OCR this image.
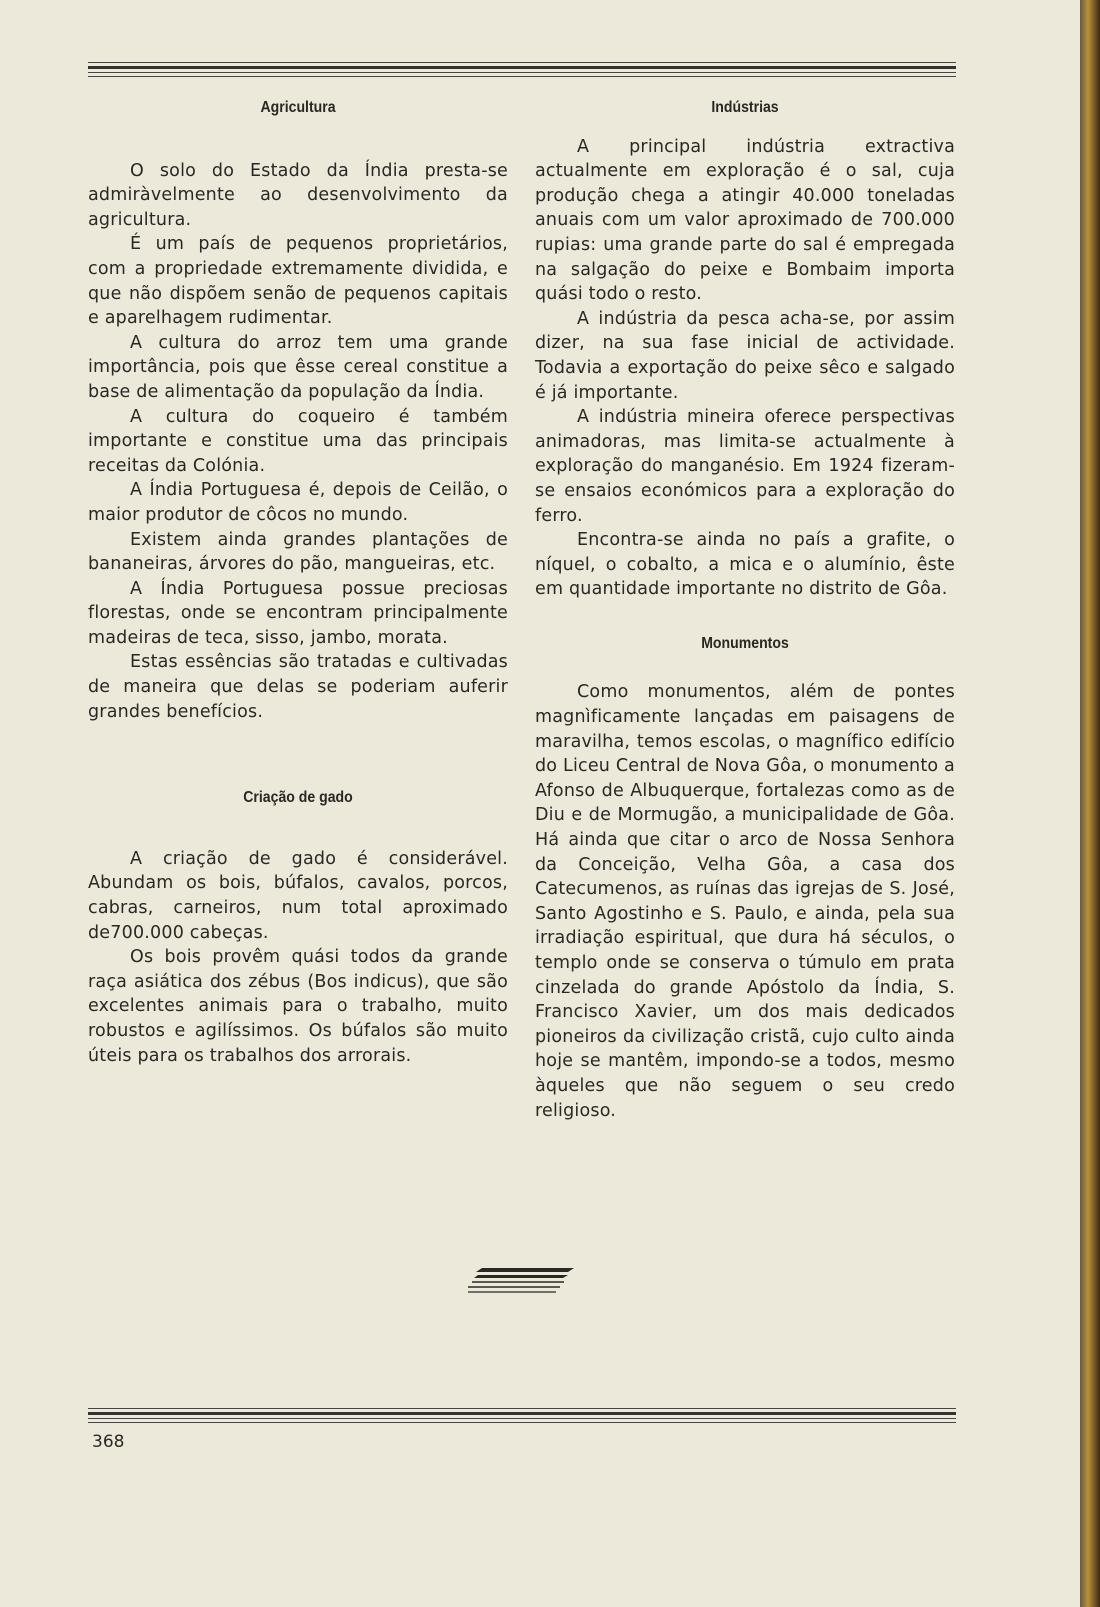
Agricultura

O solo do Estado da Índia presta-se admiràvelmente ao desenvolvimento da agricultura.

É um país de pequenos proprietários, com a propriedade extremamente dividida, e que não dispõem senão de pequenos capitais e aparelhagem rudimentar.

A cultura do arroz tem uma grande importância, pois que êsse cereal constitue a base de alimentação da população da Índia.

A cultura do coqueiro é também importante e constitue uma das principais receitas da Colónia.

A Índia Portuguesa é, depois de Ceilão, o maior produtor de côcos no mundo.

Existem ainda grandes plantações de bananeiras, árvores do pão, mangueiras, etc.

A Índia Portuguesa possue preciosas florestas, onde se encontram principalmente madeiras de teca, sisso, jambo, morata.

Estas essências são tratadas e cultivadas de maneira que delas se poderiam auferir grandes benefícios.

Criação de gado

A criação de gado é considerável. Abundam os bois, búfalos, cavalos, porcos, cabras, carneiros, num total aproximado de700.000 cabeças.

Os bois provêm quási todos da grande raça asiática dos zébus (Bos indicus), que são excelentes animais para o trabalho, muito robustos e agilíssimos. Os búfalos são muito úteis para os trabalhos dos arrorais.

Indústrias

A principal indústria extractiva actualmente em exploração é o sal, cuja produção chega a atingir 40.000 toneladas anuais com um valor aproximado de 700.000 rupias: uma grande parte do sal é empregada na salgação do peixe e Bombaim importa quási todo o resto.

A indústria da pesca acha-se, por assim dizer, na sua fase inicial de actividade. Todavia a exportação do peixe sêco e salgado é já importante.

A indústria mineira oferece perspectivas animadoras, mas limita-se actualmente à exploração do manganésio. Em 1924 fizeram-se ensaios económicos para a exploração do ferro.

Encontra-se ainda no país a grafite, o níquel, o cobalto, a mica e o alumínio, êste em quantidade importante no distrito de Gôa.

Monumentos

Como monumentos, além de pontes magnìficamente lançadas em paisagens de maravilha, temos escolas, o magnífico edifício do Liceu Central de Nova Gôa, o monumento a Afonso de Albuquerque, fortalezas como as de Diu e de Mormugão, a municipalidade de Gôa. Há ainda que citar o arco de Nossa Senhora da Conceição, Velha Gôa, a casa dos Catecumenos, as ruínas das igrejas de S. José, Santo Agostinho e S. Paulo, e ainda, pela sua irradiação espiritual, que dura há séculos, o templo onde se conserva o túmulo em prata cinzelada do grande Apóstolo da Índia, S. Francisco Xavier, um dos mais dedicados pioneiros da civilização cristã, cujo culto ainda hoje se mantêm, impondo-se a todos, mesmo àqueles que não seguem o seu credo religioso.

368
